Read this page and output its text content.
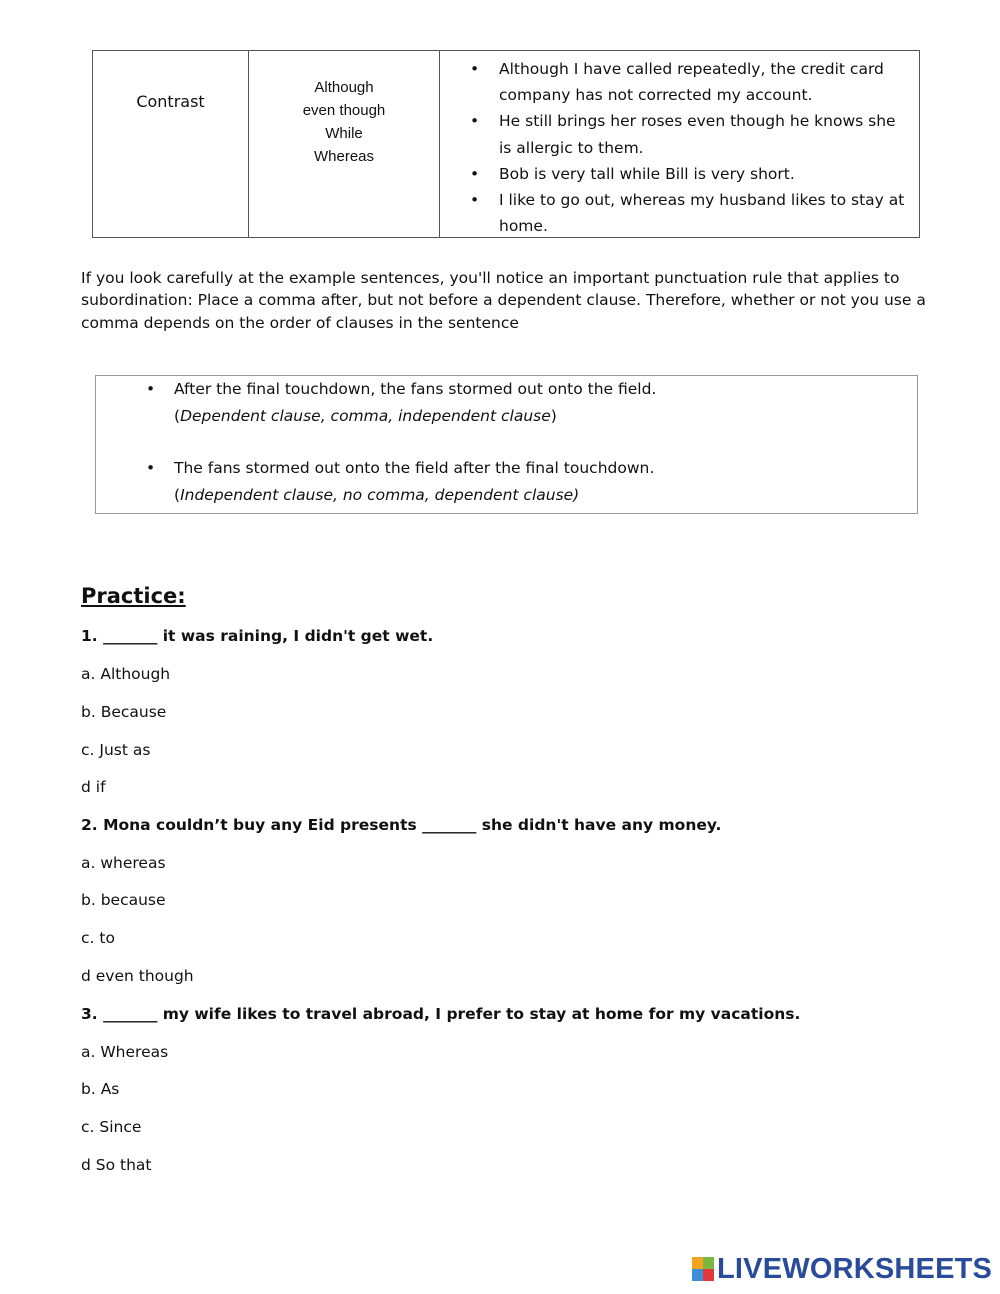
Contrast
Although
even though
While
Whereas
• Although I have called repeatedly, the credit card company has not corrected my account.
• He still brings her roses even though he knows she is allergic to them.
• Bob is very tall while Bill is very short.
• I like to go out, whereas my husband likes to stay at home.
If you look carefully at the example sentences, you'll notice an important punctuation rule that applies to subordination: Place a comma after, but not before a dependent clause. Therefore, whether or not you use a comma depends on the order of clauses in the sentence
• After the final touchdown, the fans stormed out onto the field.
(Dependent clause, comma, independent clause)
• The fans stormed out onto the field after the final touchdown.
(Independent clause, no comma, dependent clause)
Practice:
1. _______ it was raining, I didn't get wet.
a. Although
b. Because
c. Just as
d if
2. Mona couldn’t buy any Eid presents _______ she didn't have any money.
a. whereas
b. because
c. to
d even though
3. _______ my wife likes to travel abroad, I prefer to stay at home for my vacations.
a. Whereas
b. As
c. Since
d So that
LIVEWORKSHEETS
